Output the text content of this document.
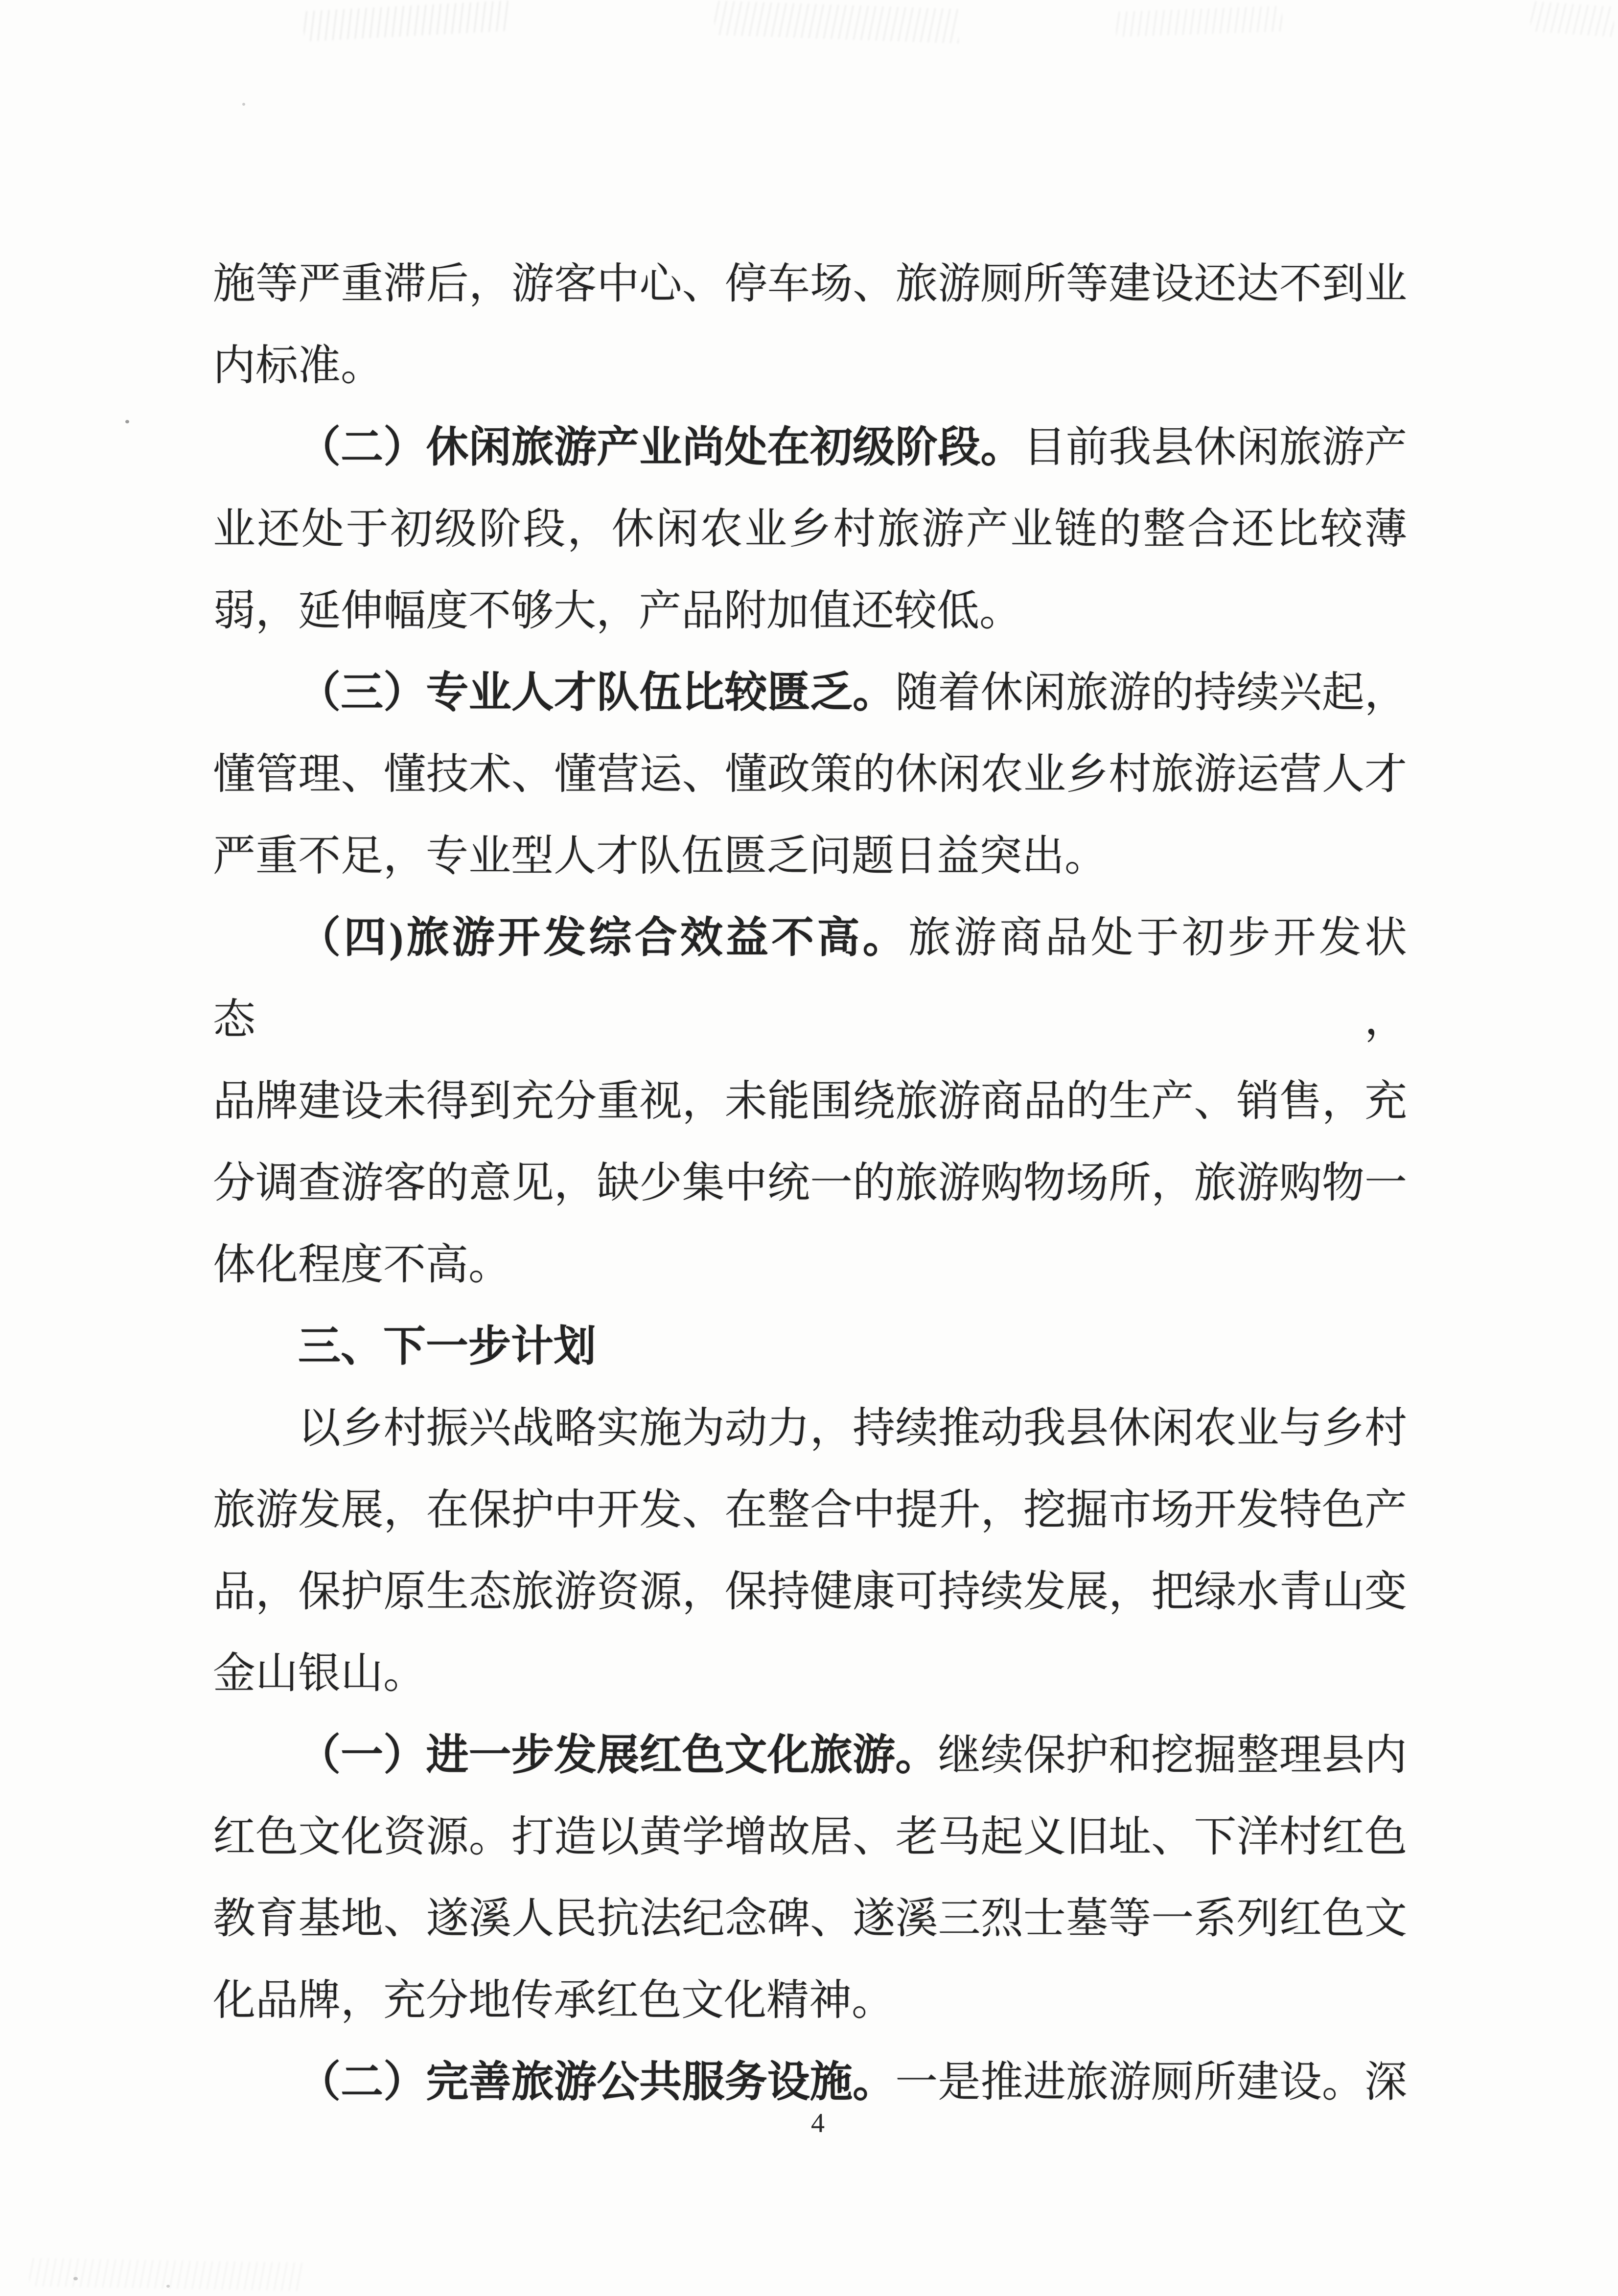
施等严重滞后，游客中心、停车场、旅游厕所等建设还达不到业
内标准。
（二）休闲旅游产业尚处在初级阶段。目前我县休闲旅游产
业还处于初级阶段，休闲农业乡村旅游产业链的整合还比较薄
弱，延伸幅度不够大，产品附加值还较低。
（三）专业人才队伍比较匮乏。随着休闲旅游的持续兴起，
懂管理、懂技术、懂营运、懂政策的休闲农业乡村旅游运营人才
严重不足，专业型人才队伍匮乏问题日益突出。
（四)旅游开发综合效益不高。旅游商品处于初步开发状态，
品牌建设未得到充分重视，未能围绕旅游商品的生产、销售，充
分调查游客的意见，缺少集中统一的旅游购物场所，旅游购物一
体化程度不高。
三、下一步计划
以乡村振兴战略实施为动力，持续推动我县休闲农业与乡村
旅游发展，在保护中开发、在整合中提升，挖掘市场开发特色产
品，保护原生态旅游资源，保持健康可持续发展，把绿水青山变
金山银山。
（一）进一步发展红色文化旅游。继续保护和挖掘整理县内
红色文化资源。打造以黄学增故居、老马起义旧址、下洋村红色
教育基地、遂溪人民抗法纪念碑、遂溪三烈士墓等一系列红色文
化品牌，充分地传承红色文化精神。
（二）完善旅游公共服务设施。一是推进旅游厕所建设。深
4
